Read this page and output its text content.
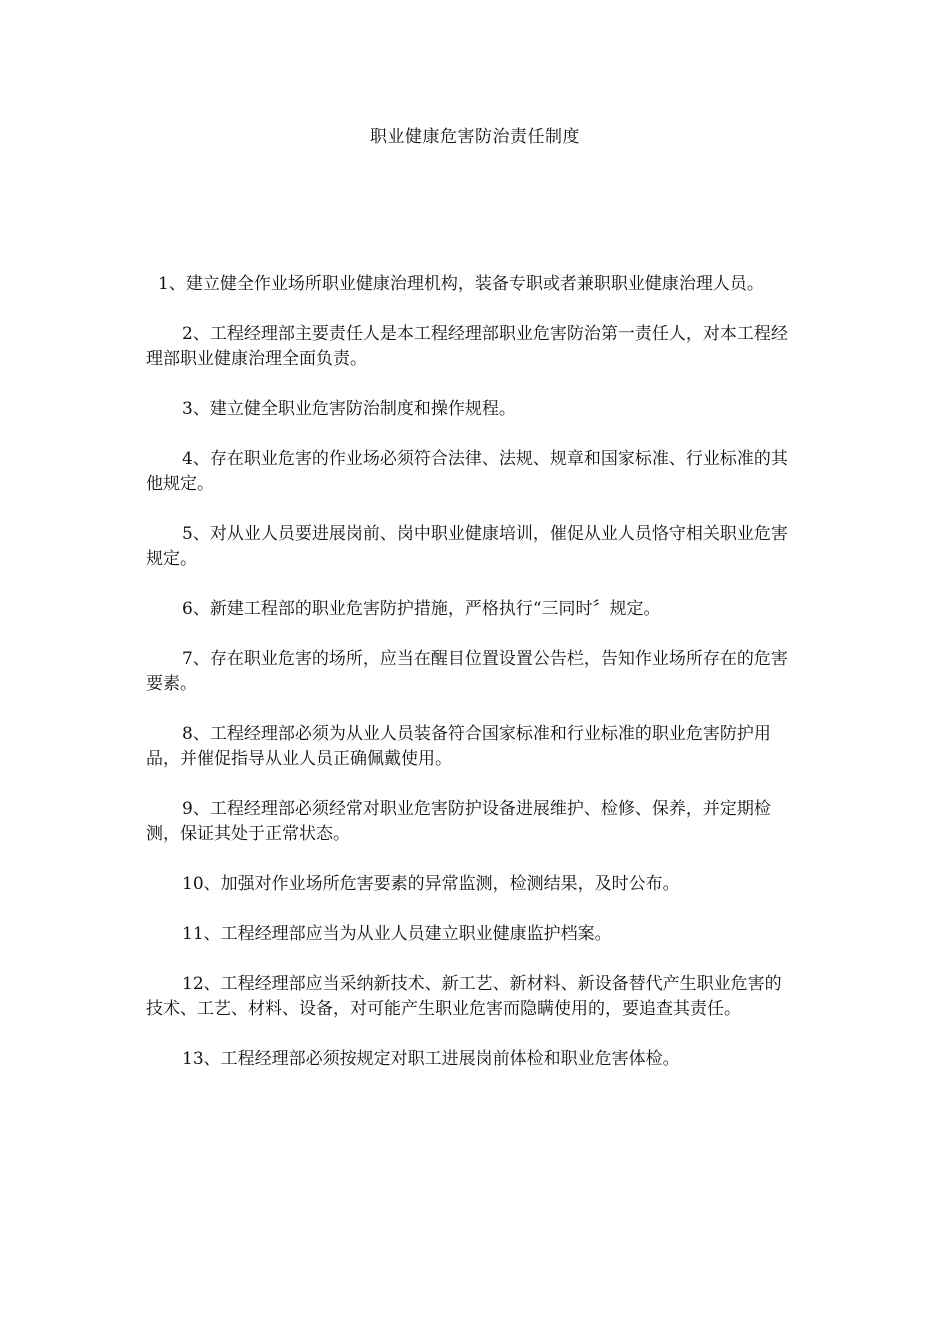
职业健康危害防治责任制度

1、建立健全作业场所职业健康治理机构，装备专职或者兼职职业健康治理人员。

2、工程经理部主要责任人是本工程经理部职业危害防治第一责任人，对本工程经理部职业健康治理全面负责。

3、建立健全职业危害防治制度和操作规程。

4、存在职业危害的作业场必须符合法律、法规、规章和国家标准、行业标准的其他规定。

5、对从业人员要进展岗前、岗中职业健康培训，催促从业人员恪守相关职业危害规定。

6、新建工程部的职业危害防护措施，严格执行“三同时〞规定。

7、存在职业危害的场所，应当在醒目位置设置公告栏，告知作业场所存在的危害要素。

8、工程经理部必须为从业人员装备符合国家标准和行业标准的职业危害防护用品，并催促指导从业人员正确佩戴使用。

9、工程经理部必须经常对职业危害防护设备进展维护、检修、保养，并定期检测，保证其处于正常状态。

10、加强对作业场所危害要素的异常监测，检测结果，及时公布。

11、工程经理部应当为从业人员建立职业健康监护档案。

12、工程经理部应当采纳新技术、新工艺、新材料、新设备替代产生职业危害的技术、工艺、材料、设备，对可能产生职业危害而隐瞒使用的，要追查其责任。

13、工程经理部必须按规定对职工进展岗前体检和职业危害体检。
